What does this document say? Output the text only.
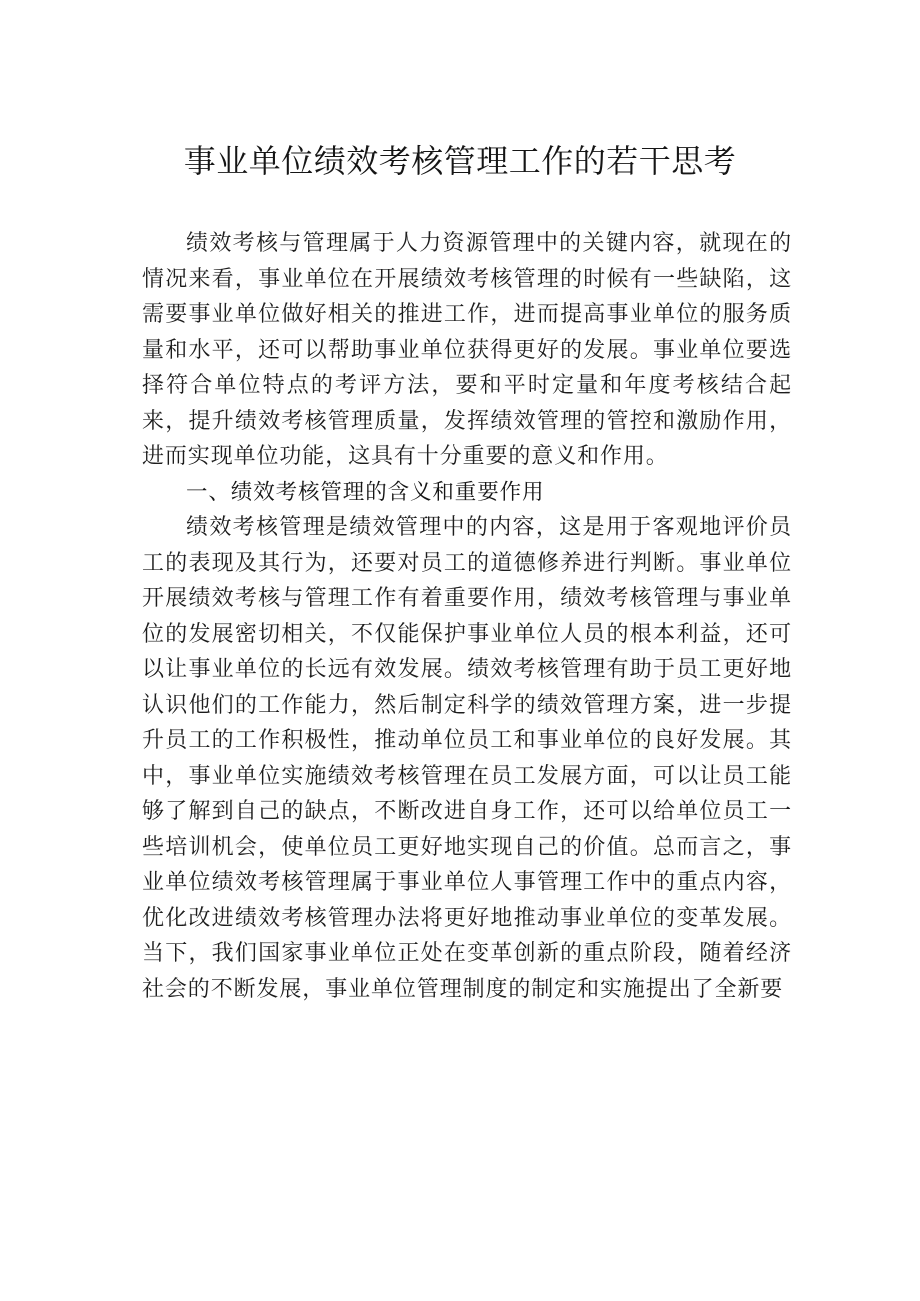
事业单位绩效考核管理工作的若干思考

绩效考核与管理属于人力资源管理中的关键内容，就现在的情况来看，事业单位在开展绩效考核管理的时候有一些缺陷，这需要事业单位做好相关的推进工作，进而提高事业单位的服务质量和水平，还可以帮助事业单位获得更好的发展。事业单位要选择符合单位特点的考评方法，要和平时定量和年度考核结合起来，提升绩效考核管理质量，发挥绩效管理的管控和激励作用，进而实现单位功能，这具有十分重要的意义和作用。

一、绩效考核管理的含义和重要作用

绩效考核管理是绩效管理中的内容，这是用于客观地评价员工的表现及其行为，还要对员工的道德修养进行判断。事业单位开展绩效考核与管理工作有着重要作用，绩效考核管理与事业单位的发展密切相关，不仅能保护事业单位人员的根本利益，还可以让事业单位的长远有效发展。绩效考核管理有助于员工更好地认识他们的工作能力，然后制定科学的绩效管理方案，进一步提升员工的工作积极性，推动单位员工和事业单位的良好发展。其中，事业单位实施绩效考核管理在员工发展方面，可以让员工能够了解到自己的缺点，不断改进自身工作，还可以给单位员工一些培训机会，使单位员工更好地实现自己的价值。总而言之，事业单位绩效考核管理属于事业单位人事管理工作中的重点内容，优化改进绩效考核管理办法将更好地推动事业单位的变革发展。当下，我们国家事业单位正处在变革创新的重点阶段，随着经济社会的不断发展，事业单位管理制度的制定和实施提出了全新要
